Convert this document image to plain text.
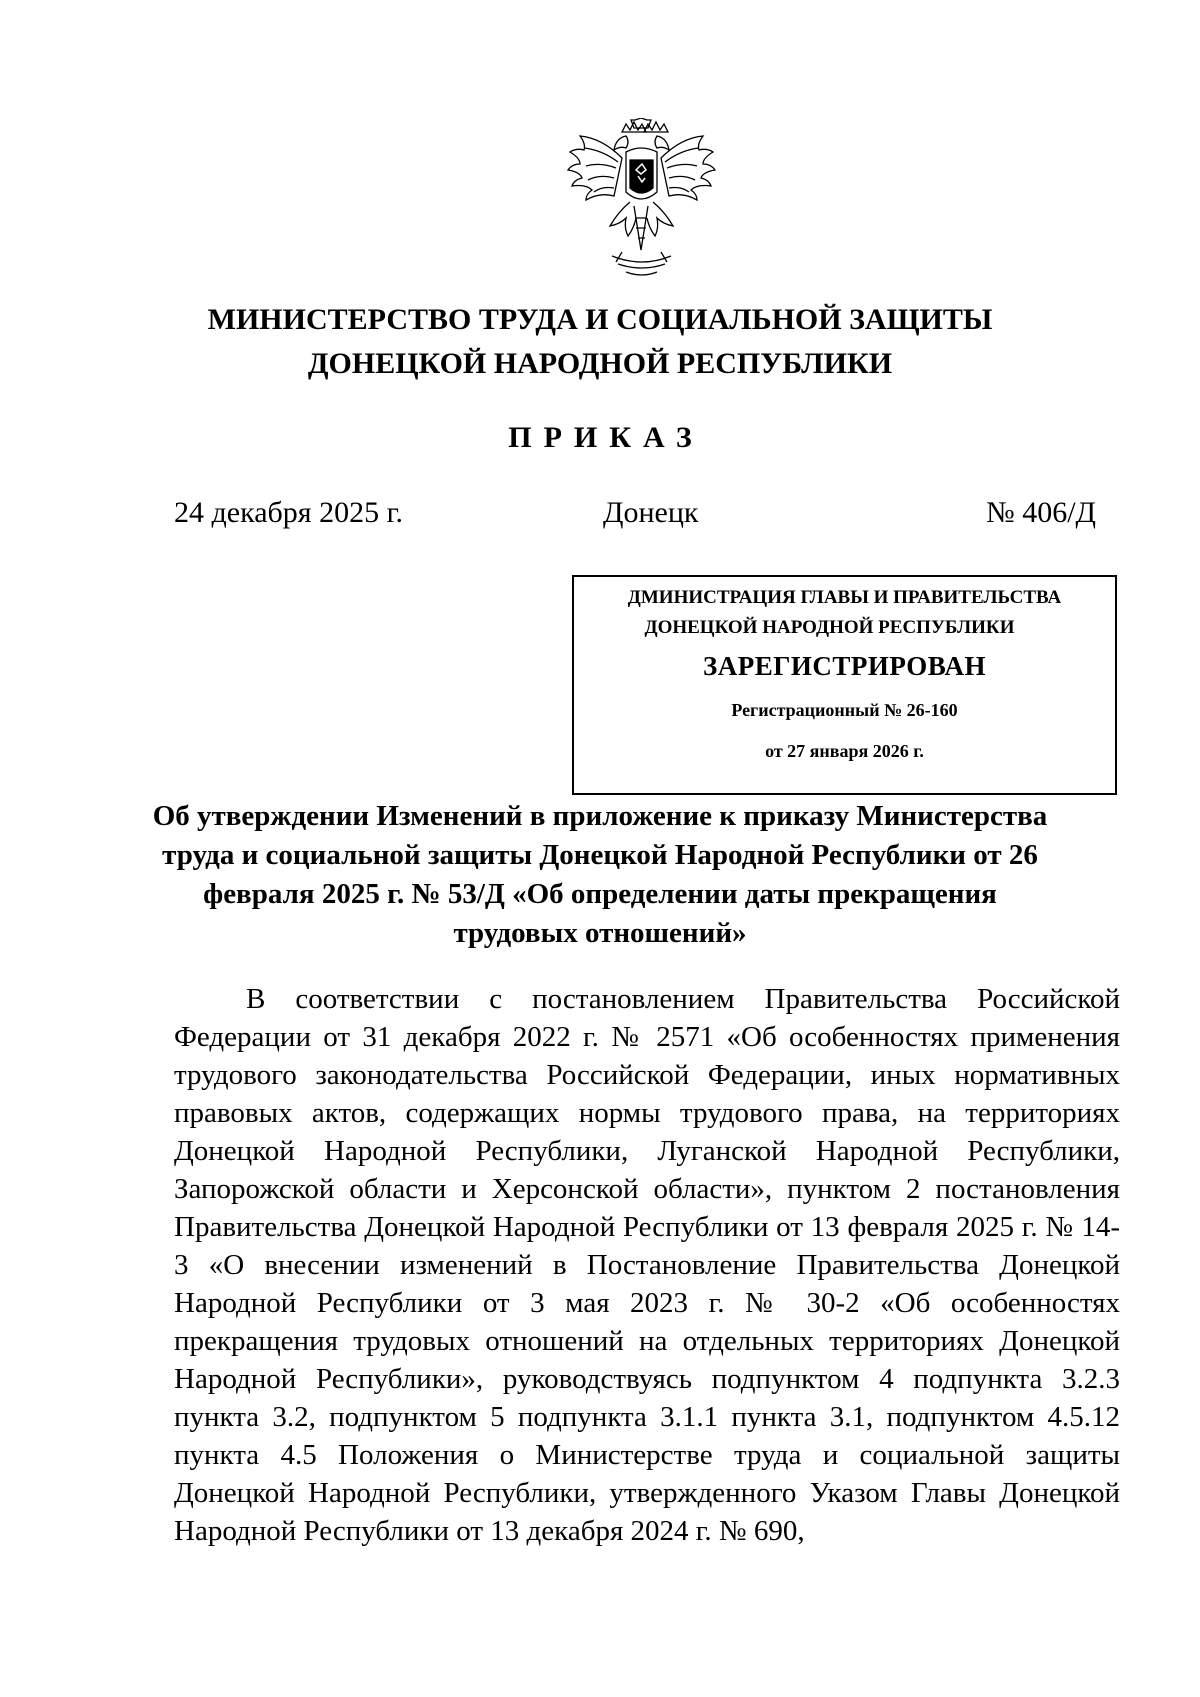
МИНИСТЕРСТВО ТРУДА И СОЦИАЛЬНОЙ ЗАЩИТЫ
ДОНЕЦКОЙ НАРОДНОЙ РЕСПУБЛИКИ
ПРИКАЗ
24 декабря 2025 г.	Донецк	№ 406/Д
ДМИНИСТРАЦИЯ ГЛАВЫ И ПРАВИТЕЛЬСТВА
ДОНЕЦКОЙ НАРОДНОЙ РЕСПУБЛИКИ
ЗАРЕГИСТРИРОВАН
Регистрационный № 26-160
от 27 января 2026 г.
Об утверждении Изменений в приложение к приказу Министерства труда и социальной защиты Донецкой Народной Республики от 26 февраля 2025 г. № 53/Д «Об определении даты прекращения трудовых отношений»
В соответствии с постановлением Правительства Российской Федерации от 31 декабря 2022 г. № 2571 «Об особенностях применения трудового законодательства Российской Федерации, иных нормативных правовых актов, содержащих нормы трудового права, на территориях Донецкой Народной Республики, Луганской Народной Республики, Запорожской области и Херсонской области», пунктом 2 постановления Правительства Донецкой Народной Республики от 13 февраля 2025 г. № 14-3 «О внесении изменений в Постановление Правительства Донецкой Народной Республики от 3 мая 2023 г. № 30-2 «Об особенностях прекращения трудовых отношений на отдельных территориях Донецкой Народной Республики», руководствуясь подпунктом 4 подпункта 3.2.3 пункта 3.2, подпунктом 5 подпункта 3.1.1 пункта 3.1, подпунктом 4.5.12 пункта 4.5 Положения о Министерстве труда и социальной защиты Донецкой Народной Республики, утвержденного Указом Главы Донецкой Народной Республики от 13 декабря 2024 г. № 690,
